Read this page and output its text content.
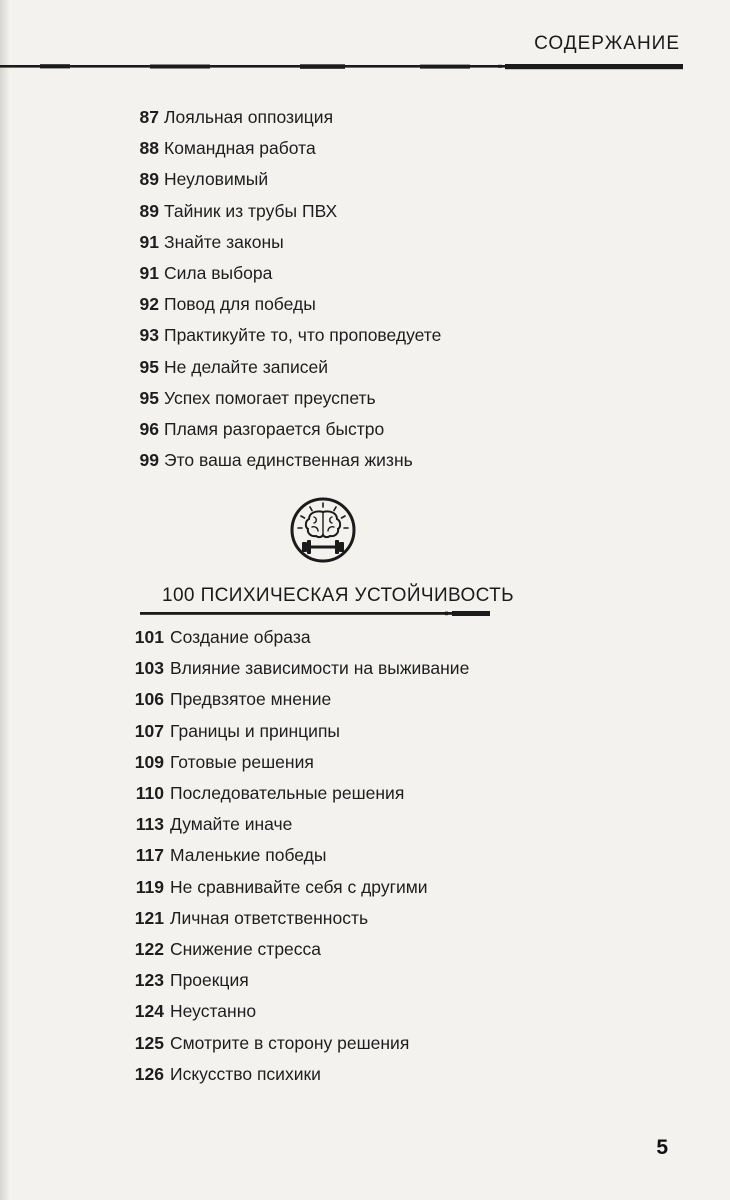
СОДЕРЖАНИЕ
87 Лояльная оппозиция
88 Командная работа
89 Неуловимый
89 Тайник из трубы ПВХ
91 Знайте законы
91 Сила выбора
92 Повод для победы
93 Практикуйте то, что проповедуете
95 Не делайте записей
95 Успех помогает преуспеть
96 Пламя разгорается быстро
99 Это ваша единственная жизнь
100 ПСИХИЧЕСКАЯ УСТОЙЧИВОСТЬ
101 Создание образа
103 Влияние зависимости на выживание
106 Предвзятое мнение
107 Границы и принципы
109 Готовые решения
110 Последовательные решения
113 Думайте иначе
117 Маленькие победы
119 Не сравнивайте себя с другими
121 Личная ответственность
122 Снижение стресса
123 Проекция
124 Неустанно
125 Смотрите в сторону решения
126 Искусство психики
5
